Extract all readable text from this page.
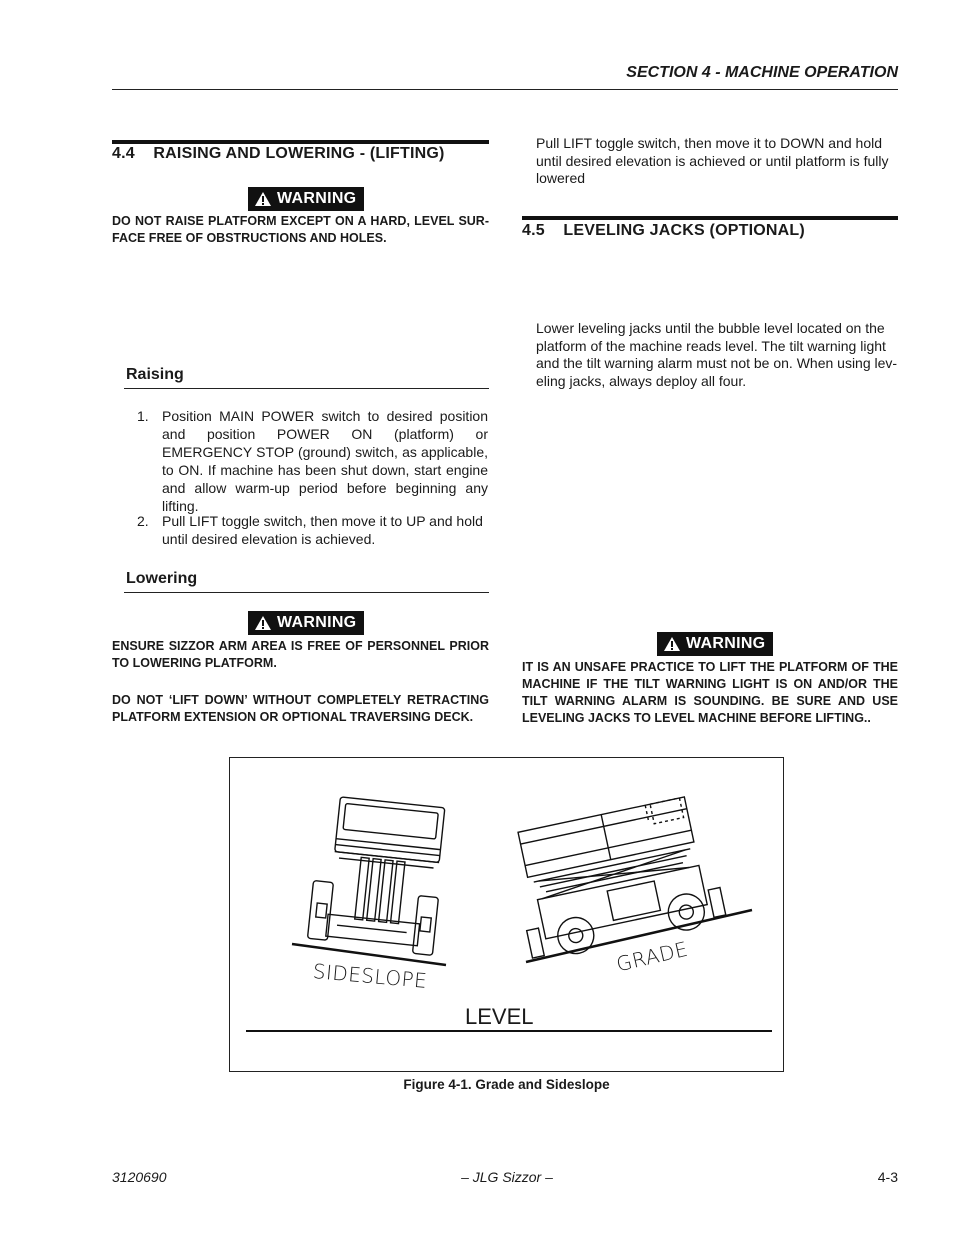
SECTION 4 - MACHINE OPERATION
4.4    RAISING AND LOWERING - (LIFTING)
WARNING
DO NOT RAISE PLATFORM EXCEPT ON A HARD, LEVEL SUR-FACE FREE OF OBSTRUCTIONS AND HOLES.
Raising
1. Position MAIN POWER switch to desired position and position POWER ON (platform) or EMERGENCY STOP (ground) switch, as applicable, to ON. If machine has been shut down, start engine and allow warm-up period before beginning any lifting.
2. Pull LIFT toggle switch, then move it to UP and hold until desired elevation is achieved.
Lowering
WARNING
ENSURE SIZZOR ARM AREA IS FREE OF PERSONNEL PRIOR TO LOWERING PLATFORM.
DO NOT ‘LIFT DOWN’ WITHOUT COMPLETELY RETRACTING PLATFORM EXTENSION OR OPTIONAL TRAVERSING DECK.
Pull LIFT toggle switch, then move it to DOWN and hold until desired elevation is achieved or until platform is fully lowered
4.5    LEVELING JACKS (OPTIONAL)
Lower leveling jacks until the bubble level located on the platform of the machine reads level. The tilt warning light and the tilt warning alarm must not be on. When using lev-eling jacks, always deploy all four.
WARNING
IT IS AN UNSAFE PRACTICE TO LIFT THE PLATFORM OF THE MACHINE IF THE TILT WARNING LIGHT IS ON AND/OR THE TILT WARNING ALARM IS SOUNDING. BE SURE AND USE LEVELING JACKS TO LEVEL MACHINE BEFORE LIFTING..
SIDESLOPE	GRADE
LEVEL
Figure 4-1. Grade and Sideslope
3120690	– JLG Sizzor –	4-3
